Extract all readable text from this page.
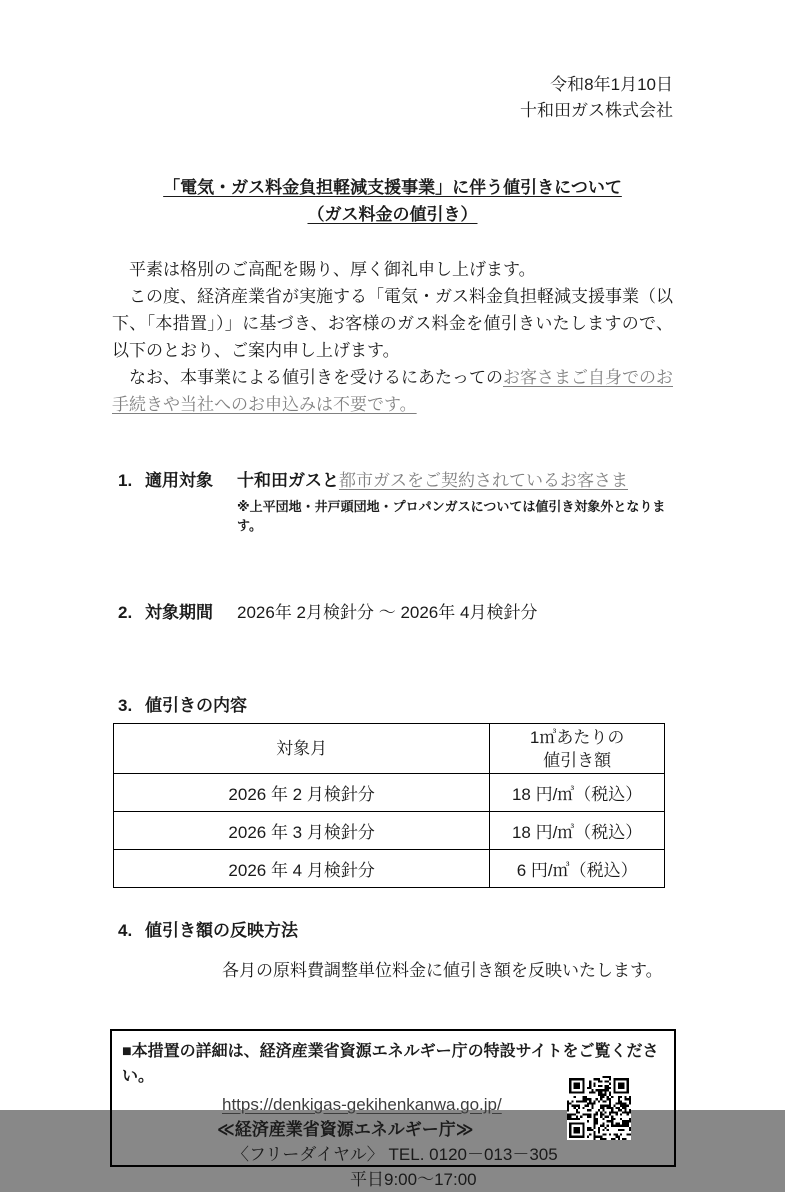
令和8年1月10日
十和田ガス株式会社
「電気・ガス料金負担軽減支援事業」に伴う値引きについて
（ガス料金の値引き）

平素は格別のご高配を賜り、厚く御礼申し上げます。

この度、経済産業省が実施する「電気・ガス料金負担軽減支援事業（以下、「本措置」）」に基づき、お客様のガス料金を値引きいたしますので、以下のとおり、ご案内申し上げます。

なお、本事業による値引きを受けるにあたってのお客さまご自身でのお手続きや当社へのお申込みは不要です。

1. 適用対象 十和田ガスと都市ガスをご契約されているお客さま
※上平団地・井戸頭団地・プロパンガスについては値引き対象外となります。
2. 対象期間 2026年 2月検針分 ～ 2026年 4月検針分
3. 値引きの内容
対象月	1㎥あたりの
値引き額

2026 年 2 月検針分	18 円/㎥（税込）
2026 年 3 月検針分	18 円/㎥（税込）
2026 年 4 月検針分	6 円/㎥（税込）
4. 値引き額の反映方法
各月の原料費調整単位料金に値引き額を反映いたします。
■本措置の詳細は、経済産業省資源エネルギー庁の特設サイトをご覧ください。
https://denkigas-gekihenkanwa.go.jp/
≪経済産業省資源エネルギー庁≫
〈フリーダイヤル〉 TEL. 0120－013－305
平日9:00～17:00
